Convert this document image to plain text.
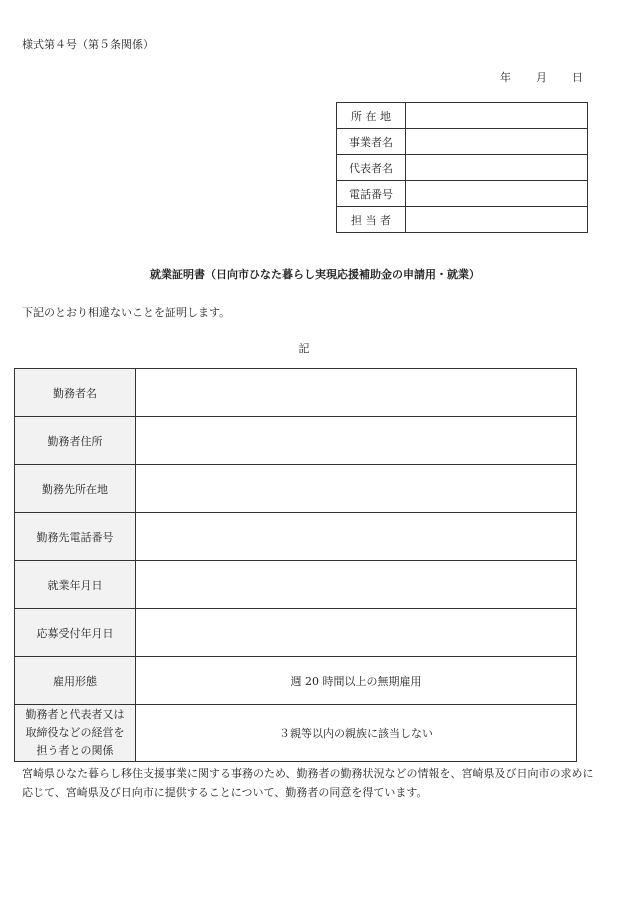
様式第４号（第５条関係）
年	月	日
所 在 地	
事業者名	
代表者名	
電話番号	
担 当 者	
就業証明書（日向市ひなた暮らし実現応援補助金の申請用・就業）
下記のとおり相違ないことを証明します。
記
勤務者名	
勤務者住所	
勤務先所在地	
勤務先電話番号	
就業年月日	
応募受付年月日	
雇用形態	週 20 時間以上の無期雇用

勤務者と代表者又は
取締役などの経営を
担う者との関係	３親等以内の親族に該当しない
宮崎県ひなた暮らし移住支援事業に関する事務のため、勤務者の勤務状況などの情報を、宮崎県及び日向市の求めに応じて、宮崎県及び日向市に提供することについて、勤務者の同意を得ています。
